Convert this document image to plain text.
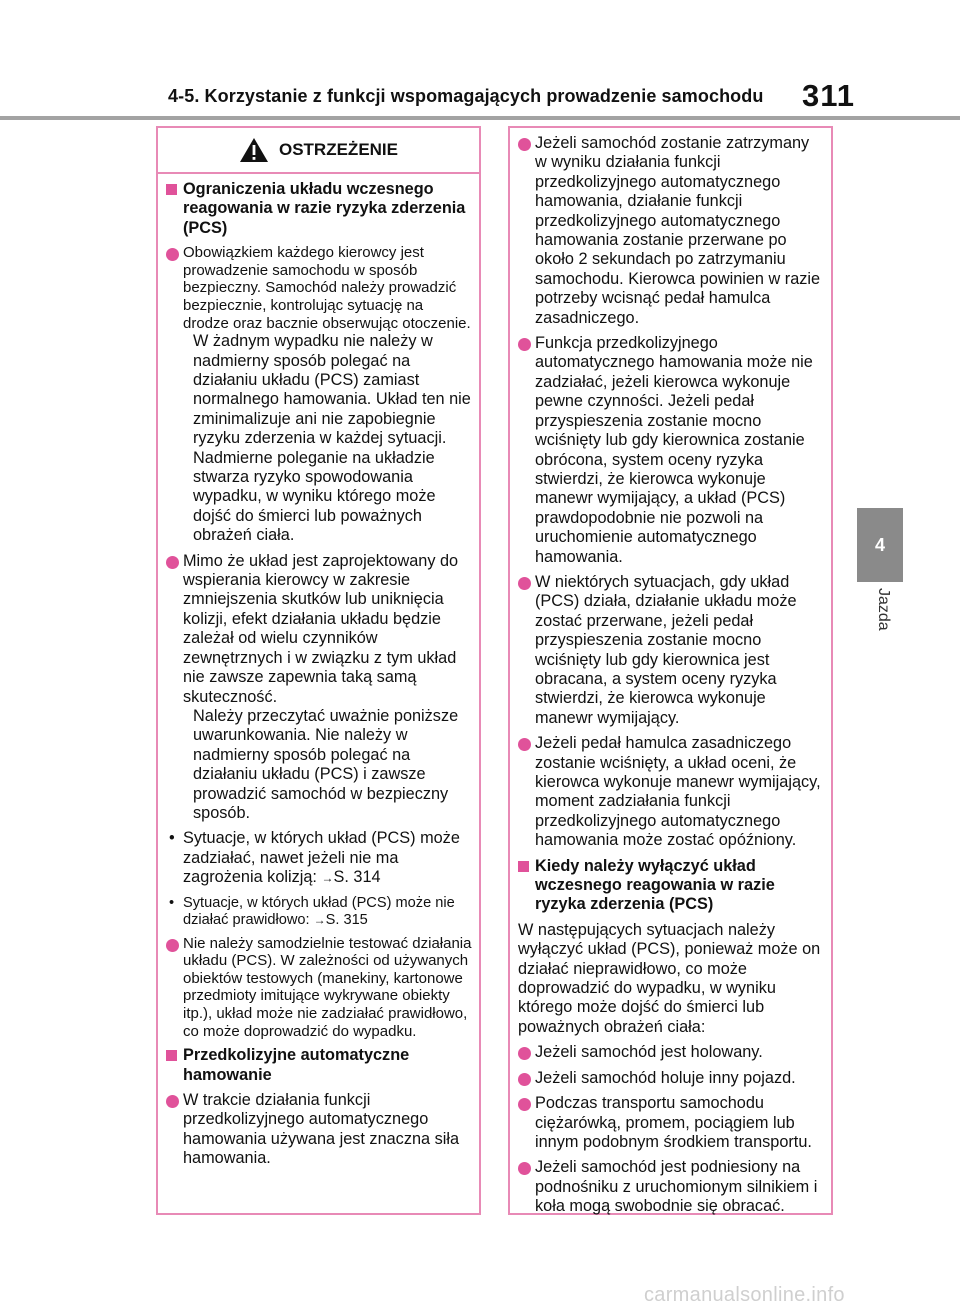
4-5. Korzystanie z funkcji wspomagających prowadzenie samochodu 311
4
Jazda
OSTRZEŻENIE
Ograniczenia układu wczesnego reagowania w razie ryzyka zderzenia (PCS)
Obowiązkiem każdego kierowcy jest prowadzenie samochodu w sposób bezpieczny. Samochód należy prowadzić bezpiecznie, kontrolując sytuację na drodze oraz bacznie obserwując otoczenie.
W żadnym wypadku nie należy w nadmierny sposób polegać na działaniu układu (PCS) zamiast normalnego hamowania. Układ ten nie zminimalizuje ani nie zapobiegnie ryzyku zderzenia w każdej sytuacji. Nadmierne poleganie na układzie stwarza ryzyko spowodowania wypadku, w wyniku którego może dojść do śmierci lub poważnych obrażeń ciała.
Mimo że układ jest zaprojektowany do wspierania kierowcy w zakresie zmniejszenia skutków lub uniknięcia kolizji, efekt działania układu będzie zależał od wielu czynników zewnętrznych i w związku z tym układ nie zawsze zapewnia taką samą skuteczność.
Należy przeczytać uważnie poniższe uwarunkowania. Nie należy w nadmierny sposób polegać na działaniu układu (PCS) i zawsze prowadzić samochód w bezpieczny sposób.
• Sytuacje, w których układ (PCS) może zadziałać, nawet jeżeli nie ma zagrożenia kolizją: →S. 314
• Sytuacje, w których układ (PCS) może nie działać prawidłowo: →S. 315
Nie należy samodzielnie testować działania układu (PCS). W zależności od używanych obiektów testowych (manekiny, kartonowe przedmioty imitujące wykrywane obiekty itp.), układ może nie zadziałać prawidłowo, co może doprowadzić do wypadku.
Przedkolizyjne automatyczne hamowanie
W trakcie działania funkcji przedkolizyjnego automatycznego hamowania używana jest znaczna siła hamowania.
Jeżeli samochód zostanie zatrzymany w wyniku działania funkcji przedkolizyjnego automatycznego hamowania, działanie funkcji przedkolizyjnego automatycznego hamowania zostanie przerwane po około 2 sekundach po zatrzymaniu samochodu. Kierowca powinien w razie potrzeby wcisnąć pedał hamulca zasadniczego.
Funkcja przedkolizyjnego automatycznego hamowania może nie zadziałać, jeżeli kierowca wykonuje pewne czynności. Jeżeli pedał przyspieszenia zostanie mocno wciśnięty lub gdy kierownica zostanie obrócona, system oceny ryzyka stwierdzi, że kierowca wykonuje manewr wymijający, a układ (PCS) prawdopodobnie nie pozwoli na uruchomienie automatycznego hamowania.
W niektórych sytuacjach, gdy układ (PCS) działa, działanie układu może zostać przerwane, jeżeli pedał przyspieszenia zostanie mocno wciśnięty lub gdy kierownica jest obracana, a system oceny ryzyka stwierdzi, że kierowca wykonuje manewr wymijający.
Jeżeli pedał hamulca zasadniczego zostanie wciśnięty, a układ oceni, że kierowca wykonuje manewr wymijający, moment zadziałania funkcji przedkolizyjnego automatycznego hamowania może zostać opóźniony.
Kiedy należy wyłączyć układ wczesnego reagowania w razie ryzyka zderzenia (PCS)
W następujących sytuacjach należy wyłączyć układ (PCS), ponieważ może on działać nieprawidłowo, co może doprowadzić do wypadku, w wyniku którego może dojść do śmierci lub poważnych obrażeń ciała:
Jeżeli samochód jest holowany.
Jeżeli samochód holuje inny pojazd.
Podczas transportu samochodu ciężarówką, promem, pociągiem lub innym podobnym środkiem transportu.
Jeżeli samochód jest podniesiony na podnośniku z uruchomionym silnikiem i koła mogą swobodnie się obracać.
carmanualsonline.info
